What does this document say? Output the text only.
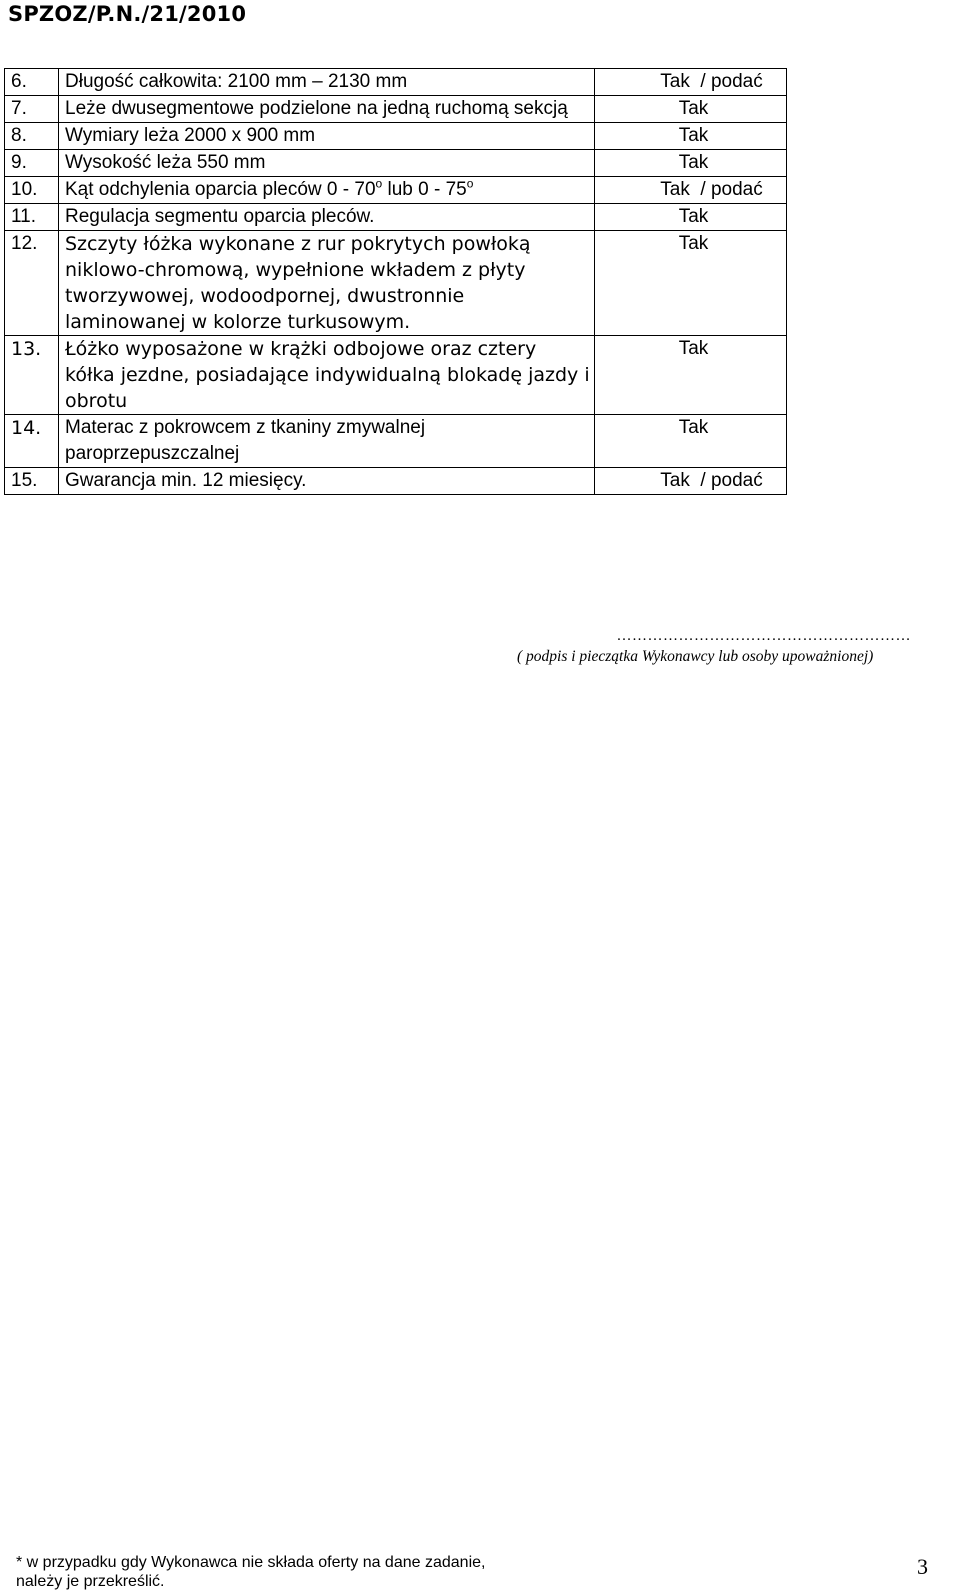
SPZOZ/P.N./21/2010
6.	Długość całkowita: 2100 mm – 2130 mm	Tak  / podać

7.	Leże dwusegmentowe podzielone na jedną ruchomą sekcją	Tak

8.	Wymiary leża 2000 x 900 mm	Tak

9.	Wysokość leża 550 mm	Tak

10.	Kąt odchylenia oparcia pleców 0 - 70$^o$ lub 0 - 75$^o$	Tak  / podać

11.	Regulacja segmentu oparcia pleców.	Tak

12.	Szczyty łóżka wykonane z rur pokrytych powłoką niklowo-chromową, wypełnione wkładem z płyty tworzywowej, wodoodpornej, dwustronnie laminowanej w kolorze turkusowym.	Tak

13.	Łóżko wyposażone w krążki odbojowe oraz cztery kółka jezdne, posiadające indywidualną blokadę jazdy i obrotu	Tak

14.	Materac z pokrowcem z tkaniny zmywalnej paroprzepuszczalnej	Tak

15.	Gwarancja min. 12 miesięcy.	Tak  / podać
…………………………………………………
( podpis i pieczątka Wykonawcy lub osoby upoważnionej)
* w przypadku gdy Wykonawca nie składa oferty na dane zadanie, należy je przekreślić.
3
